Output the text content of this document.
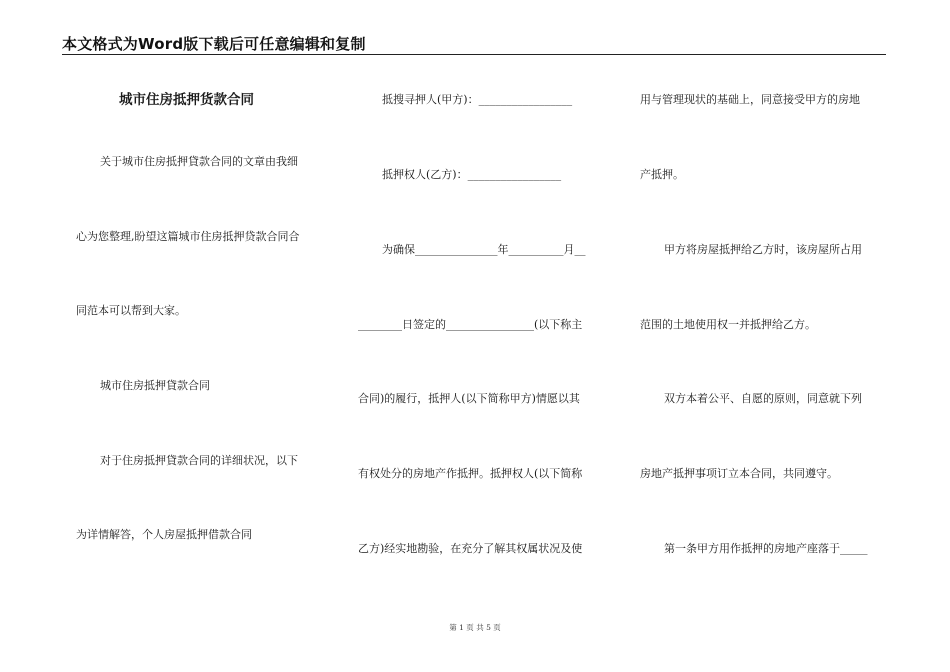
本文格式为Word版下载后可任意编辑和复制
城市住房抵押货款合同
关于城市住房抵押貸款合同的文章由我细
心为您整理,盼望这篇城市住房抵押贷款合同合
同范本可以帮到大家。
城市住房抵押貸款合同
对于住房抵押貸款合同的详细状况，以下
为详情解答，个人房屋抵押借款合同
抵搜寻押人(甲方)：_________________
抵押权人(乙方)：_________________
为确保_______________年__________月__
________日签定的________________(以下称主
合同)的履行，抵押人(以下简称甲方)情愿以其
有权处分的房地产作抵押。抵押权人(以下简称
乙方)经实地勘验，在充分了解其权属状况及使
用与管理现状的基础上，同意接受甲方的房地
产抵押。
甲方将房屋抵押给乙方时，该房屋所占用
范围的土地使用权一并抵押给乙方。
双方本着公平、自愿的原则，同意就下列
房地产抵押事项订立本合同，共同遵守。
第一条甲方用作抵押的房地产座落于_____
第 1 页 共 5 页
